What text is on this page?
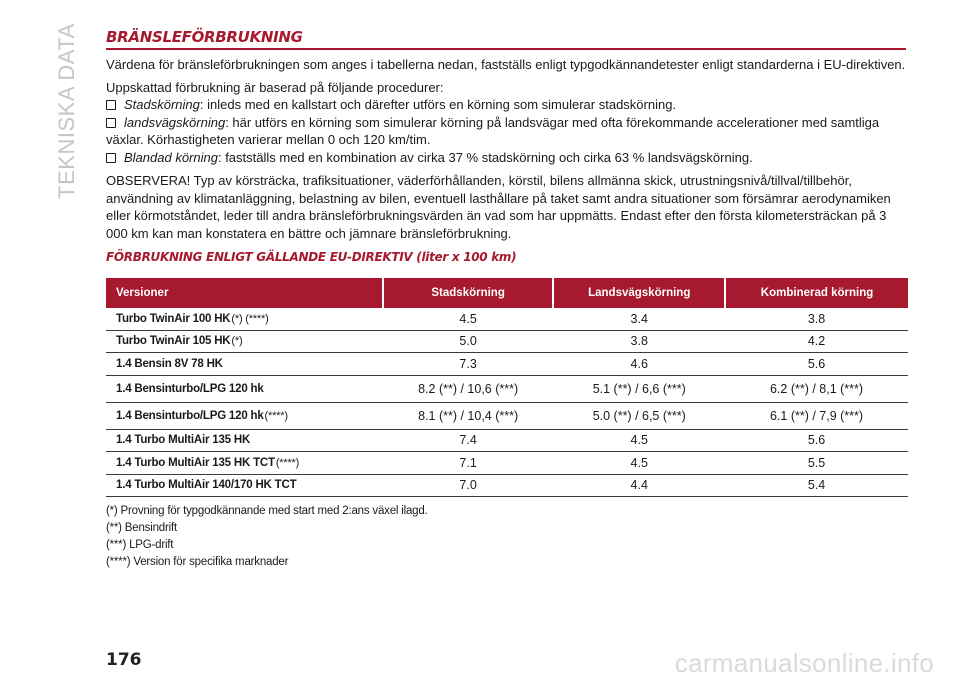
TEKNISKA DATA BRÄNSLEFÖRBRUKNING

Värdena för bränsleförbrukningen som anges i tabellerna nedan, fastställs enligt typgodkännandetester enligt standarderna i EU-direktiven.

Uppskattad förbrukning är baserad på följande procedurer:

Stadskörning: inleds med en kallstart och därefter utförs en körning som simulerar stadskörning.

landsvägskörning: här utförs en körning som simulerar körning på landsvägar med ofta förekommande accelerationer med samtliga växlar. Körhastigheten varierar mellan 0 och 120 km/tim.

Blandad körning: fastställs med en kombination av cirka 37 % stadskörning och cirka 63 % landsvägskörning.

OBSERVERA! Typ av körsträcka, trafiksituationer, väderförhållanden, körstil, bilens allmänna skick, utrustningsnivå/tillval/tillbehör, användning av klimatanläggning, belastning av bilen, eventuell lasthållare på taket samt andra situationer som försämrar aerodynamiken eller körmotståndet, leder till andra bränsleförbrukningsvärden än vad som har uppmätts. Endast efter den första kilometersträckan på 3 000 km kan man konstatera en bättre och jämnare bränsleförbrukning.

FÖRBRUKNING ENLIGT GÄLLANDE EU-DIREKTIV (liter x 100 km)
Versioner	Stadskörning	Landsvägskörning	Kombinerad körning
Turbo TwinAir 100 HK(*) (****)	4.5	3.4	3.8
Turbo TwinAir 105 HK(*)	5.0	3.8	4.2
1.4 Bensin 8V 78 HK	7.3	4.6	5.6
1.4 Bensinturbo/LPG 120 hk	8.2 (**) / 10,6 (***)	5.1 (**) / 6,6 (***)	6.2 (**) / 8,1 (***)
1.4 Bensinturbo/LPG 120 hk(****)	8.1 (**) / 10,4 (***)	5.0 (**) / 6,5 (***)	6.1 (**) / 7,9 (***)
1.4 Turbo MultiAir 135 HK	7.4	4.5	5.6
1.4 Turbo MultiAir 135 HK TCT(****)	7.1	4.5	5.5
1.4 Turbo MultiAir 140/170 HK TCT	7.0	4.4	5.4
(*) Provning för typgodkännande med start med 2:ans växel ilagd.
(**) Bensindrift
(***) LPG-drift
(****) Version för specifika marknader
176	carmanualsonline.info
